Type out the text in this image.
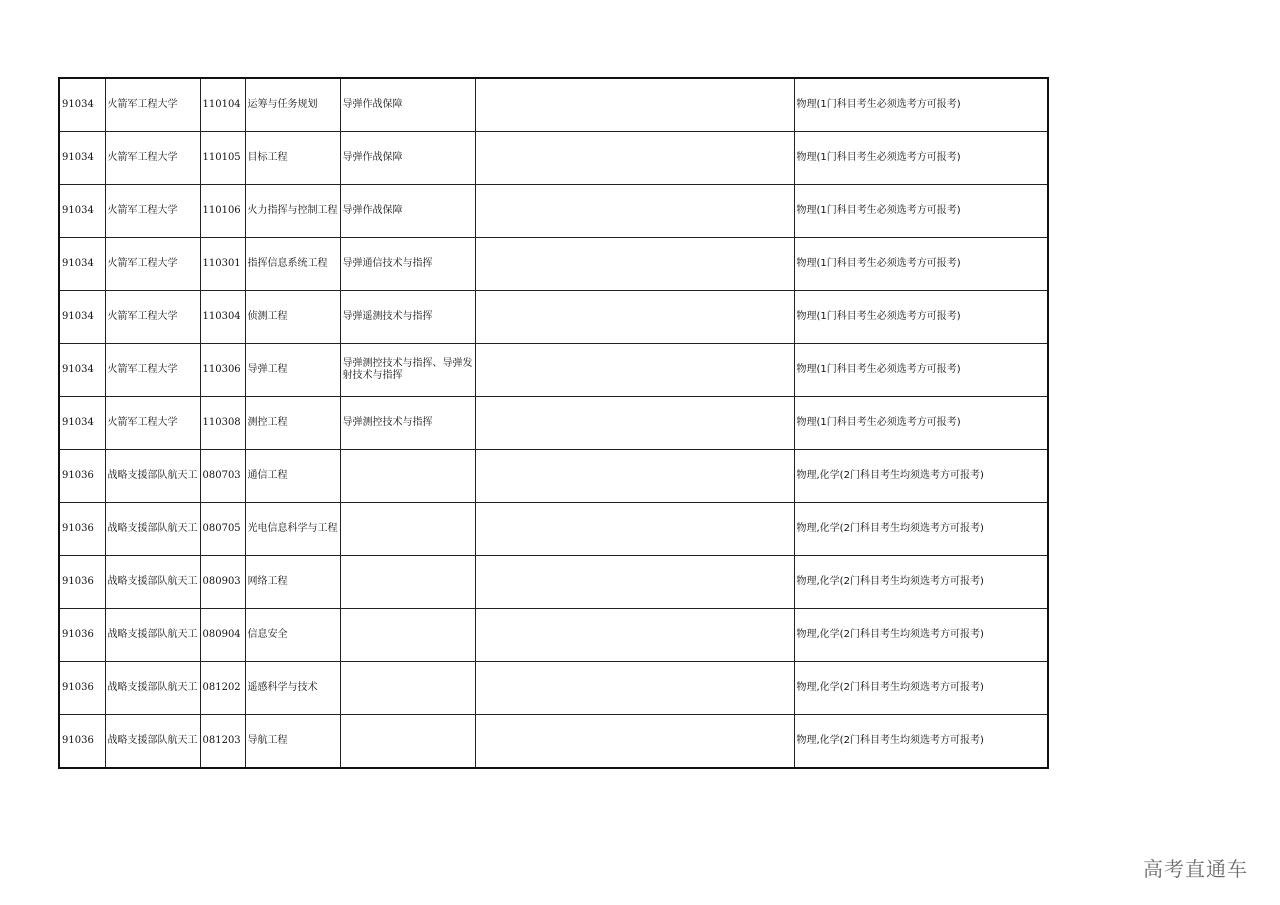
91034	火箭军工程大学	110104	运筹与任务规划	导弹作战保障		物理(1门科目考生必须选考方可报考)
91034	火箭军工程大学	110105	目标工程	导弹作战保障		物理(1门科目考生必须选考方可报考)
91034	火箭军工程大学	110106	火力指挥与控制工程	导弹作战保障		物理(1门科目考生必须选考方可报考)
91034	火箭军工程大学	110301	指挥信息系统工程	导弹通信技术与指挥		物理(1门科目考生必须选考方可报考)
91034	火箭军工程大学	110304	侦测工程	导弹遥测技术与指挥		物理(1门科目考生必须选考方可报考)
91034	火箭军工程大学	110306	导弹工程	导弹测控技术与指挥、导弹发射技术与指挥		物理(1门科目考生必须选考方可报考)
91034	火箭军工程大学	110308	测控工程	导弹测控技术与指挥		物理(1门科目考生必须选考方可报考)
91036	战略支援部队航天工	080703	通信工程			物理,化学(2门科目考生均须选考方可报考)
91036	战略支援部队航天工	080705	光电信息科学与工程			物理,化学(2门科目考生均须选考方可报考)
91036	战略支援部队航天工	080903	网络工程			物理,化学(2门科目考生均须选考方可报考)
91036	战略支援部队航天工	080904	信息安全			物理,化学(2门科目考生均须选考方可报考)
91036	战略支援部队航天工	081202	遥感科学与技术			物理,化学(2门科目考生均须选考方可报考)
91036	战略支援部队航天工	081203	导航工程			物理,化学(2门科目考生均须选考方可报考)
高考直通车
